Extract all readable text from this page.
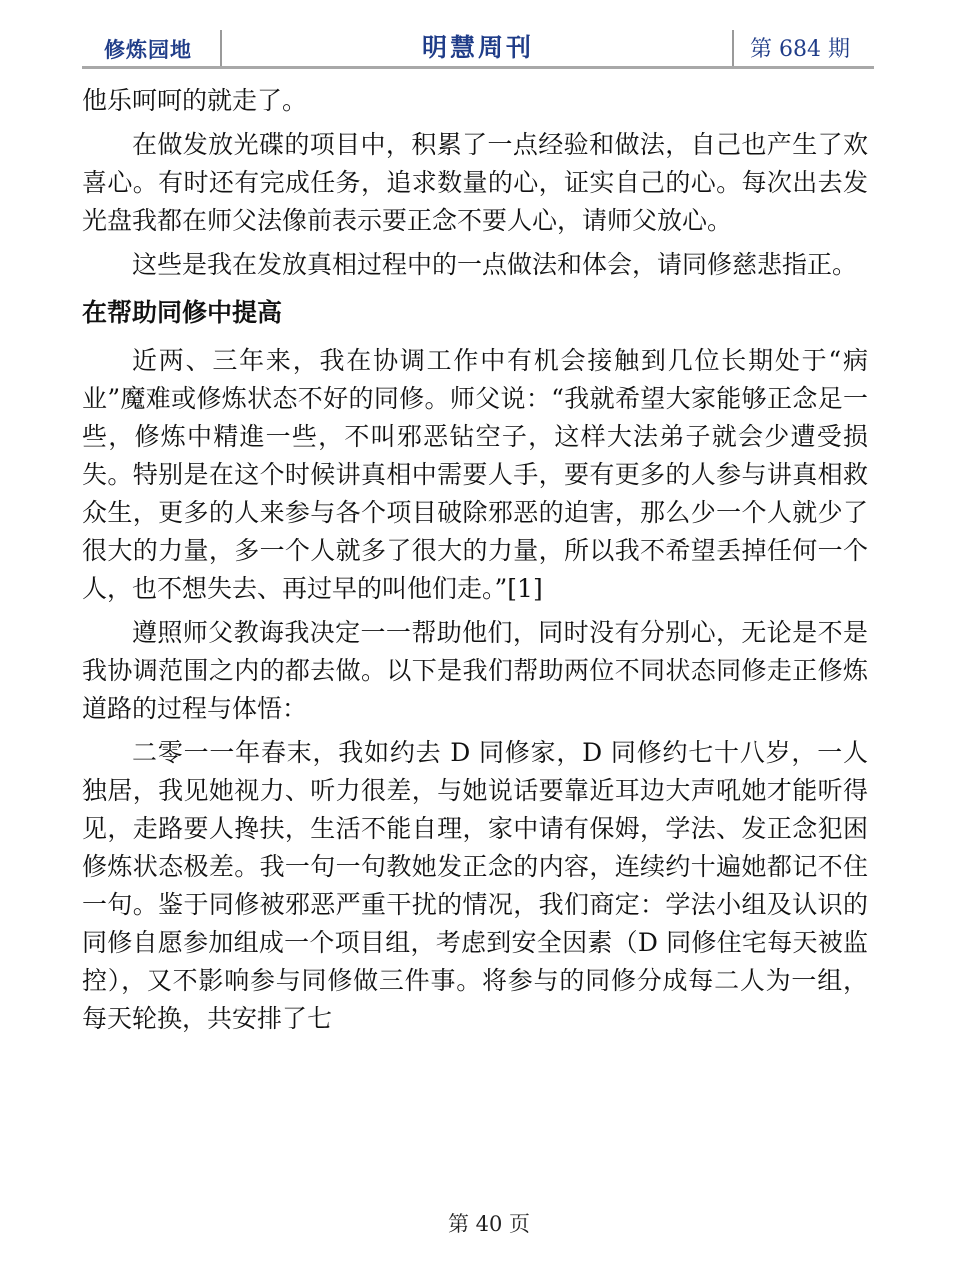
修炼园地	明慧周刊	第 684 期

他乐呵呵的就走了。

在做发放光碟的项目中，积累了一点经验和做法，自己也产生了欢喜心。有时还有完成任务，追求数量的心，证实自己的心。每次出去发光盘我都在师父法像前表示要正念不要人心，请师父放心。

这些是我在发放真相过程中的一点做法和体会，请同修慈悲指正。

在帮助同修中提高

近两、三年来，我在协调工作中有机会接触到几位长期处于“病业”魔难或修炼状态不好的同修。师父说：“我就希望大家能够正念足一些，修炼中精進一些，不叫邪恶钻空子，这样大法弟子就会少遭受损失。特别是在这个时候讲真相中需要人手，要有更多的人参与讲真相救众生，更多的人来参与各个项目破除邪恶的迫害，那么少一个人就少了很大的力量，多一个人就多了很大的力量，所以我不希望丢掉任何一个人，也不想失去、再过早的叫他们走。”[1]

遵照师父教诲我决定一一帮助他们，同时没有分别心，无论是不是我协调范围之内的都去做。以下是我们帮助两位不同状态同修走正修炼道路的过程与体悟：

二零一一年春末，我如约去 D 同修家，D 同修约七十八岁，一人独居，我见她视力、听力很差，与她说话要靠近耳边大声吼她才能听得见，走路要人搀扶，生活不能自理，家中请有保姆，学法、发正念犯困修炼状态极差。我一句一句教她发正念的内容，连续约十遍她都记不住一句。鉴于同修被邪恶严重干扰的情况，我们商定：学法小组及认识的同修自愿参加组成一个项目组，考虑到安全因素（D 同修住宅每天被监控），又不影响参与同修做三件事。将参与的同修分成每二人为一组，每天轮换，共安排了七

第 40 页
